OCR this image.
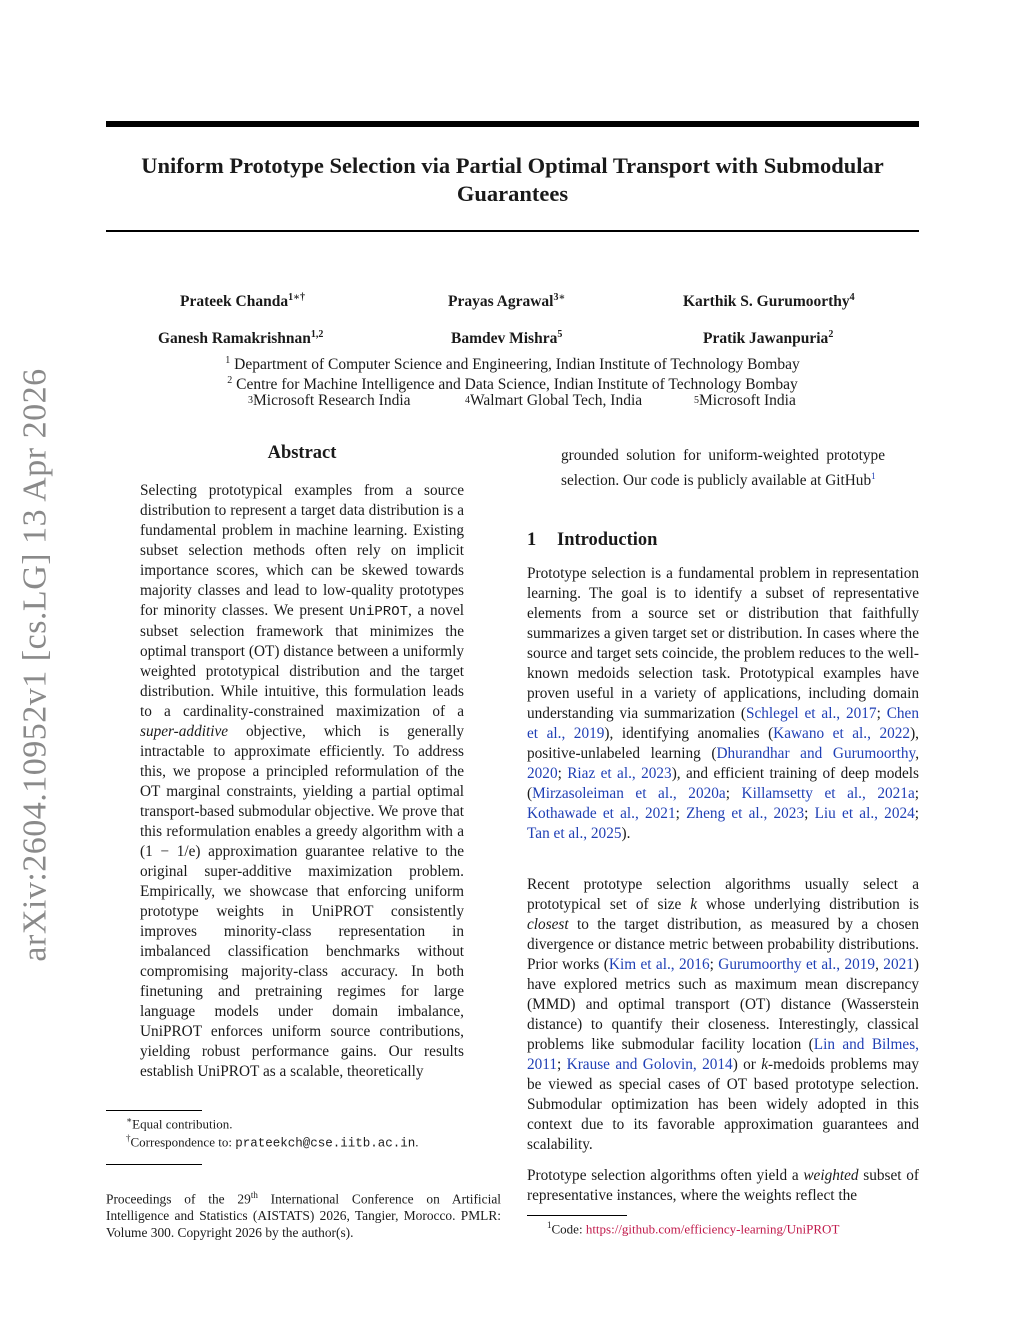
arXiv:2604.10952v1 [cs.LG] 13 Apr 2026
Uniform Prototype Selection via Partial Optimal Transport with Submodular Guarantees
Prateek Chanda$^{1∗\dagger}$	Prayas Agrawal$^{3∗}$	Karthik S. Gurumoorthy$^4$
Ganesh Ramakrishnan$^{1,2}$	Bamdev Mishra$^5$	Pratik Jawanpuria$^2$
$^1$ Department of Computer Science and Engineering, Indian Institute of Technology Bombay
$^2$ Centre for Machine Intelligence and Data Science, Indian Institute of Technology Bombay
$^3$ Microsoft Research India	$^4$ Walmart Global Tech, India	$^5$ Microsoft India
Abstract
Selecting prototypical examples from a source distribution to represent a target data distribution is a fundamental problem in machine learning. Existing subset selection methods often rely on implicit importance scores, which can be skewed towards majority classes and lead to low-quality prototypes for minority classes. We present UniPROT, a novel subset selection framework that minimizes the optimal transport (OT) distance between a uniformly weighted prototypical distribution and the target distribution. While intuitive, this formulation leads to a cardinality-constrained maximization of a super-additive objective, which is generally intractable to approximate efficiently. To address this, we propose a principled reformulation of the OT marginal constraints, yielding a partial optimal transport-based submodular objective. We prove that this reformulation enables a greedy algorithm with a (1 − 1/e) approximation guarantee relative to the original super-additive maximization problem. Empirically, we showcase that enforcing uniform prototype weights in UniPROT consistently improves minority-class representation in imbalanced classification benchmarks without compromising majority-class accuracy. In both finetuning and pretraining regimes for large language models under domain imbalance, UniPROT enforces uniform source contributions, yielding robust performance gains. Our results establish UniPROT as a scalable, theoretically
∗Equal contribution.
†Correspondence to: prateekch@cse.iitb.ac.in.
Proceedings of the 29th International Conference on Artificial Intelligence and Statistics (AISTATS) 2026, Tangier, Morocco. PMLR: Volume 300. Copyright 2026 by the author(s).
grounded solution for uniform-weighted prototype selection. Our code is publicly available at GitHub$^1$
1 Introduction
Prototype selection is a fundamental problem in representation learning. The goal is to identify a subset of representative elements from a source set or distribution that faithfully summarizes a given target set or distribution. In cases where the source and target sets coincide, the problem reduces to the well-known medoids selection task. Prototypical examples have proven useful in a variety of applications, including domain understanding via summarization (Schlegel et al., 2017; Chen et al., 2019), identifying anomalies (Kawano et al., 2022), positive-unlabeled learning (Dhurandhar and Gurumoorthy, 2020; Riaz et al., 2023), and efficient training of deep models (Mirzasoleiman et al., 2020a; Killamsetty et al., 2021a; Kothawade et al., 2021; Zheng et al., 2023; Liu et al., 2024; Tan et al., 2025).
Recent prototype selection algorithms usually select a prototypical set of size k whose underlying distribution is closest to the target distribution, as measured by a chosen divergence or distance metric between probability distributions. Prior works (Kim et al., 2016; Gurumoorthy et al., 2019, 2021) have explored metrics such as maximum mean discrepancy (MMD) and optimal transport (OT) distance (Wasserstein distance) to quantify their closeness. Interestingly, classical problems like submodular facility location (Lin and Bilmes, 2011; Krause and Golovin, 2014) or k-medoids problems may be viewed as special cases of OT based prototype selection. Submodular optimization has been widely adopted in this context due to its favorable approximation guarantees and scalability.
Prototype selection algorithms often yield a weighted subset of representative instances, where the weights reflect the
$^1$Code: https://github.com/efficiency-learning/UniPROT
